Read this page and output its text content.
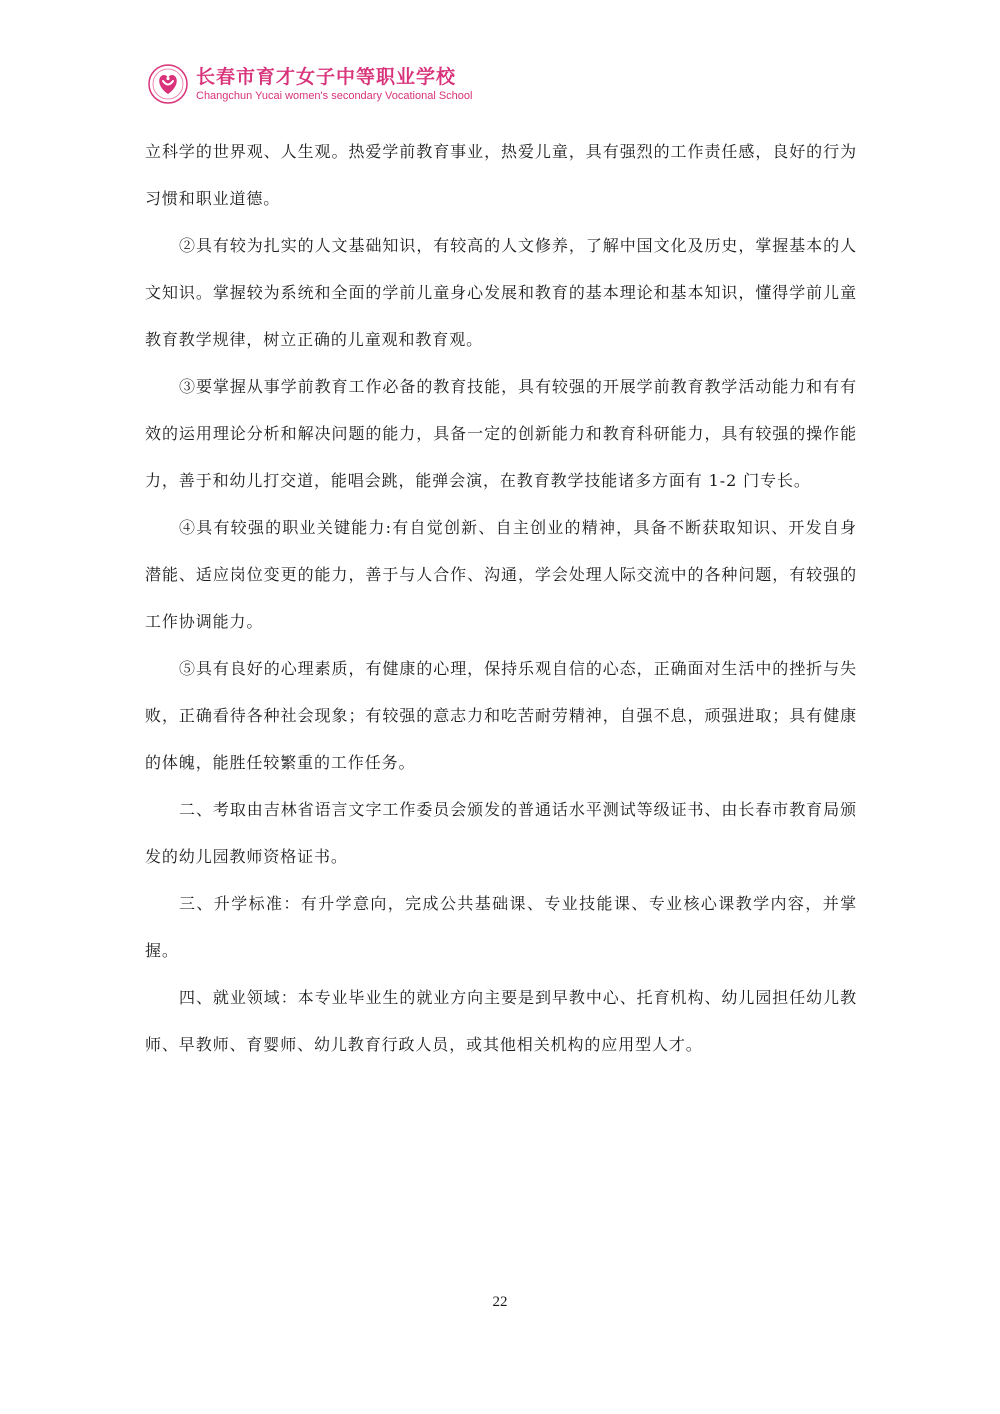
长春市育才女子中等职业学校
Changchun Yucai women's secondary Vocational School

立科学的世界观、人生观。热爱学前教育事业，热爱儿童，具有强烈的工作责任感，良好的行为习惯和职业道德。

②具有较为扎实的人文基础知识，有较高的人文修养，了解中国文化及历史，掌握基本的人文知识。掌握较为系统和全面的学前儿童身心发展和教育的基本理论和基本知识，懂得学前儿童教育教学规律，树立正确的儿童观和教育观。

③要掌握从事学前教育工作必备的教育技能，具有较强的开展学前教育教学活动能力和有有效的运用理论分析和解决问题的能力，具备一定的创新能力和教育科研能力，具有较强的操作能力，善于和幼儿打交道，能唱会跳，能弹会演，在教育教学技能诸多方面有 1-2 门专长。

④具有较强的职业关键能力:有自觉创新、自主创业的精神，具备不断获取知识、开发自身潜能、适应岗位变更的能力，善于与人合作、沟通，学会处理人际交流中的各种问题，有较强的工作协调能力。

⑤具有良好的心理素质，有健康的心理，保持乐观自信的心态，正确面对生活中的挫折与失败，正确看待各种社会现象；有较强的意志力和吃苦耐劳精神，自强不息，顽强进取；具有健康的体魄，能胜任较繁重的工作任务。

二、考取由吉林省语言文字工作委员会颁发的普通话水平测试等级证书、由长春市教育局颁发的幼儿园教师资格证书。

三、升学标准：有升学意向，完成公共基础课、专业技能课、专业核心课教学内容，并掌握。

四、就业领域：本专业毕业生的就业方向主要是到早教中心、托育机构、幼儿园担任幼儿教师、早教师、育婴师、幼儿教育行政人员，或其他相关机构的应用型人才。

22
